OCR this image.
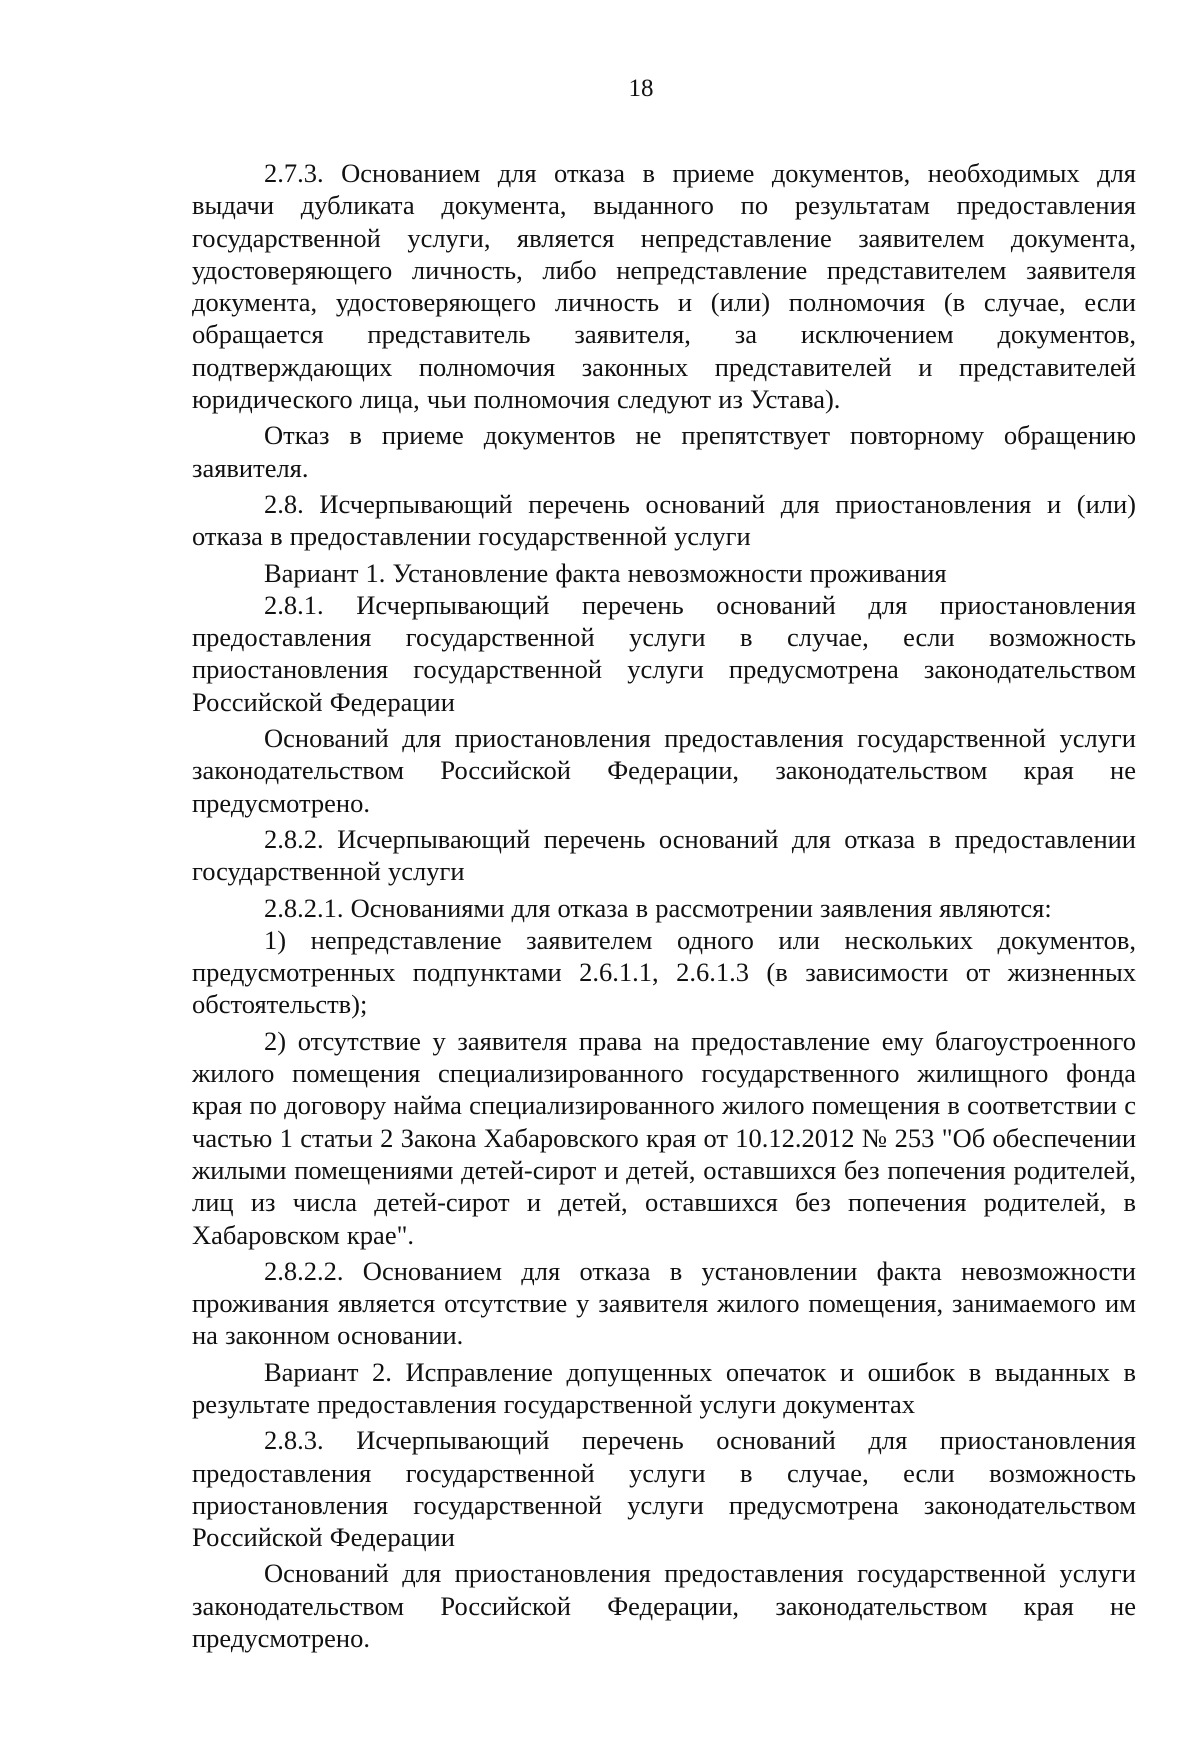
18

2.7.3. Основанием для отказа в приеме документов, необходимых для выдачи дубликата документа, выданного по результатам предоставления государственной услуги, является непредставление заявителем документа, удостоверяющего личность, либо непредставление представителем заявителя документа, удостоверяющего личность и (или) полномочия (в случае, если обращается представитель заявителя, за исключением документов, подтверждающих полномочия законных представителей и представителей юридического лица, чьи полномочия следуют из Устава).

Отказ в приеме документов не препятствует повторному обращению заявителя.

2.8. Исчерпывающий перечень оснований для приостановления и (или) отказа в предоставлении государственной услуги

Вариант 1. Установление факта невозможности проживания

2.8.1. Исчерпывающий перечень оснований для приостановления предоставления государственной услуги в случае, если возможность приостановления государственной услуги предусмотрена законодательством Российской Федерации

Оснований для приостановления предоставления государственной услуги законодательством Российской Федерации, законодательством края не предусмотрено.

2.8.2. Исчерпывающий перечень оснований для отказа в предоставлении государственной услуги

2.8.2.1. Основаниями для отказа в рассмотрении заявления являются:

1) непредставление заявителем одного или нескольких документов, предусмотренных подпунктами 2.6.1.1, 2.6.1.3 (в зависимости от жизненных обстоятельств);

2) отсутствие у заявителя права на предоставление ему благоустроенного жилого помещения специализированного государственного жилищного фонда края по договору найма специализированного жилого помещения в соответствии с частью 1 статьи 2 Закона Хабаровского края от 10.12.2012 № 253 "Об обеспечении жилыми помещениями детей-сирот и детей, оставшихся без попечения родителей, лиц из числа детей-сирот и детей, оставшихся без попечения родителей, в Хабаровском крае".

2.8.2.2. Основанием для отказа в установлении факта невозможности проживания является отсутствие у заявителя жилого помещения, занимаемого им на законном основании.

Вариант 2. Исправление допущенных опечаток и ошибок в выданных в результате предоставления государственной услуги документах

2.8.3. Исчерпывающий перечень оснований для приостановления предоставления государственной услуги в случае, если возможность приостановления государственной услуги предусмотрена законодательством Российской Федерации

Оснований для приостановления предоставления государственной услуги законодательством Российской Федерации, законодательством края не предусмотрено.
